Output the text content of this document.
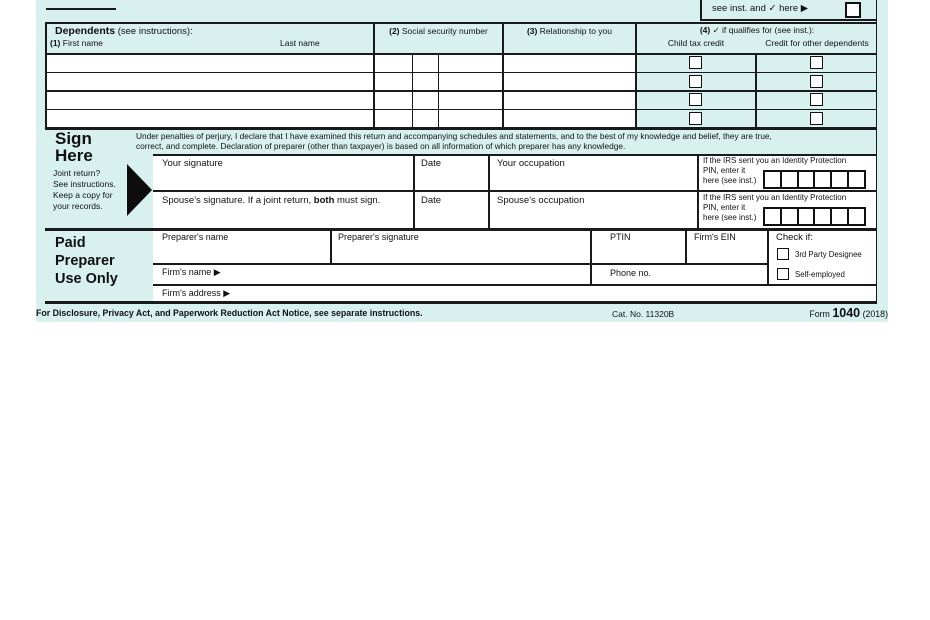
see inst. and ✓ here ▶
Dependents (see instructions):
(1) First name	Last name
(2) Social security number	(3) Relationship to you	(4) ✓ if qualifies for (see inst.):
Child tax credit	Credit for other dependents
Sign
Here
Joint return?
See instructions.
Keep a copy for
your records.
Under penalties of perjury, I declare that I have examined this return and accompanying schedules and statements, and to the best of my knowledge and belief, they are true,
correct, and complete. Declaration of preparer (other than taxpayer) is based on all information of which preparer has any knowledge.
Your signature	Date	Your occupation	If the IRS sent you an Identity Protection
PIN, enter it
here (see inst.)
Spouse's signature. If a joint return, both must sign.	Date	Spouse's occupation	If the IRS sent you an Identity Protection
PIN, enter it
here (see inst.)
Paid
Preparer
Use Only
Preparer's name	Preparer's signature	PTIN	Firm's EIN	Check if:
3rd Party Designee
Self-employed
Firm's name ▶	Phone no.
Firm's address ▶
For Disclosure, Privacy Act, and Paperwork Reduction Act Notice, see separate instructions.	Cat. No. 11320B	Form 1040 (2018)
